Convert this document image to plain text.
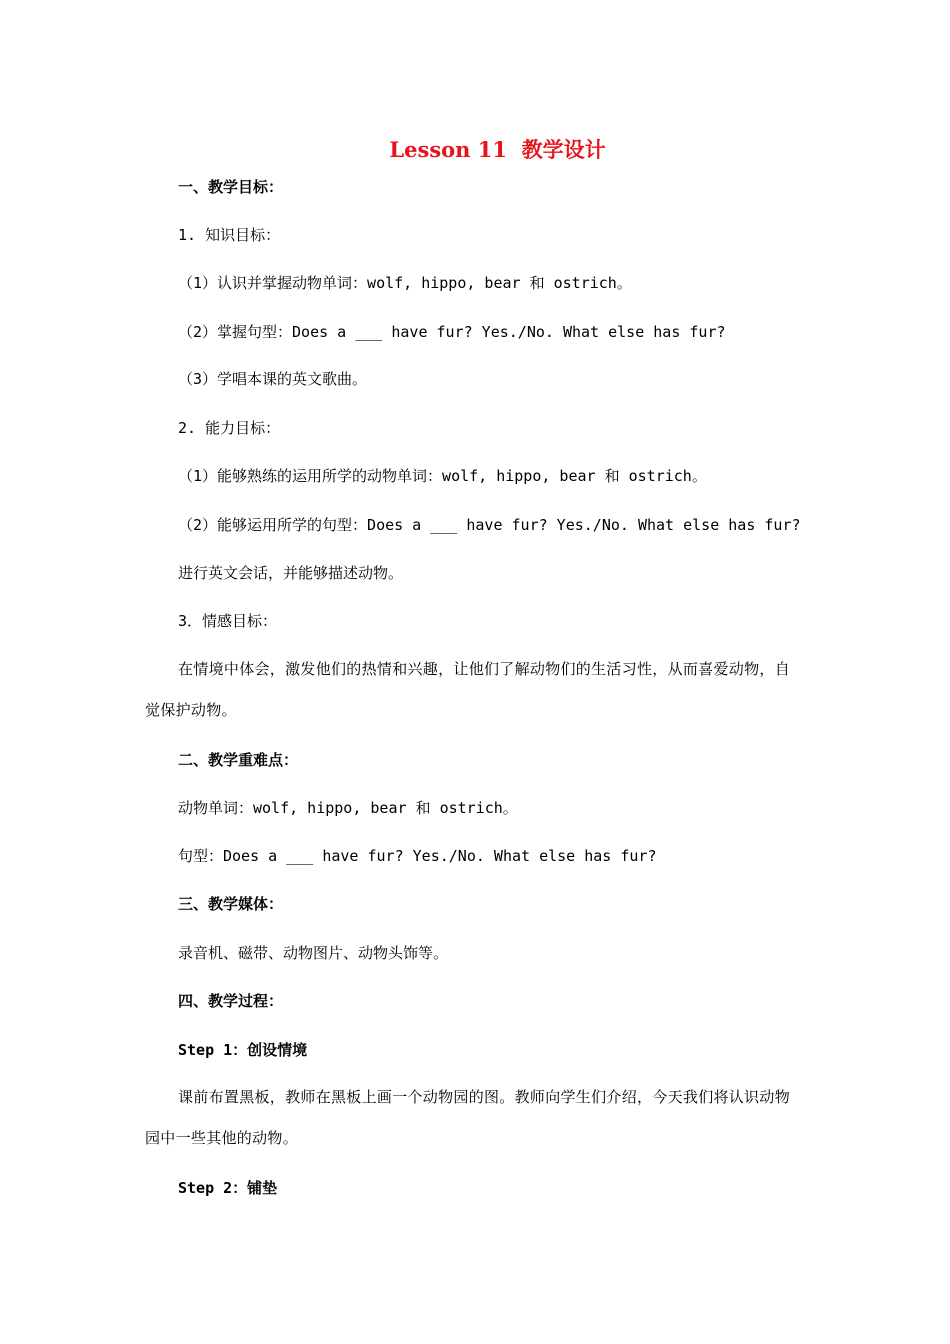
Lesson 11  教学设计
一、教学目标：
1. 知识目标：
（1）认识并掌握动物单词：wolf, hippo, bear 和 ostrich。
（2）掌握句型：Does a ___ have fur? Yes./No. What else has fur?
（3）学唱本课的英文歌曲。
2. 能力目标：
（1）能够熟练的运用所学的动物单词：wolf, hippo, bear 和 ostrich。
（2）能够运用所学的句型：Does a ___ have fur? Yes./No. What else has fur?
进行英文会话，并能够描述动物。
3．情感目标：
在情境中体会，激发他们的热情和兴趣，让他们了解动物们的生活习性，从而喜爱动物，自觉保护动物。
二、教学重难点：
动物单词：wolf, hippo, bear 和 ostrich。
句型：Does a ___ have fur? Yes./No. What else has fur?
三、教学媒体：
录音机、磁带、动物图片、动物头饰等。
四、教学过程：
Step 1：创设情境
课前布置黑板，教师在黑板上画一个动物园的图。教师向学生们介绍，今天我们将认识动物园中一些其他的动物。
Step 2：铺垫
